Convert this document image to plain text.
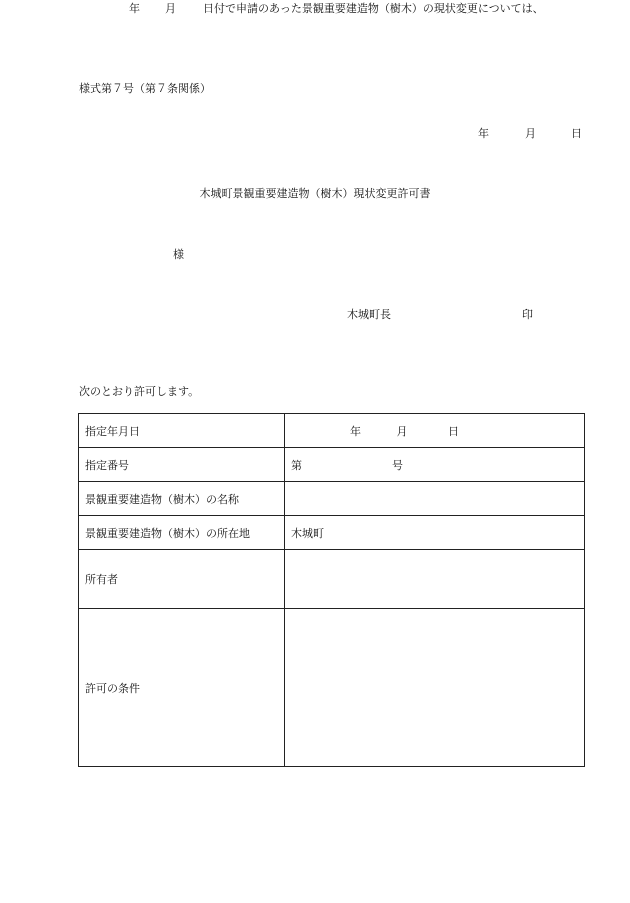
様式第７号（第７条関係）
年	月	日
木城町景観重要建造物（樹木）現状変更許可書
様
木城町長	印
年 月 日付で申請のあった景観重要建造物（樹木）の現状変更については、
次のとおり許可します。
指定年月日	年 月 日
指定番号	第 号
景観重要建造物（樹木）の名称	
景観重要建造物（樹木）の所在地	木城町
所有者	
許可の条件	
